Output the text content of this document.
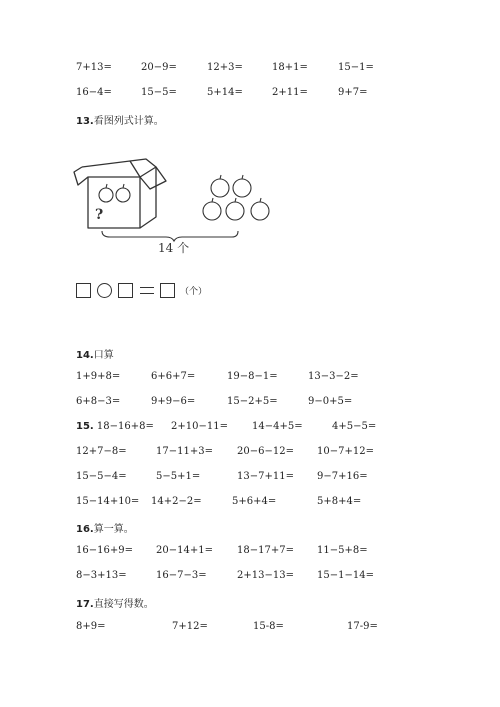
7+13=	20−9=	12+3=	18+1=	15−1=
16−4=	15−5=	5+14=	2+11=	9+7=
13.看图列式计算。
?
14 个

（个）
14.口算
1+9+8=	6+6+7=	19−8−1=	13−3−2=
6+8−3=	9+9−6=	15−2+5=	9−0+5=
15. 18−16+8= 2+10−11= 14−4+5=	4+5−5=
12+7−8=	17−11+3= 20−6−12= 10−7+12=
15−5−4=	5−5+1=	13−7+11= 9−7+16=
15−14+10= 14+2−2=	5+6+4=	5+8+4=
16.算一算。
16−16+9= 20−14+1= 18−17+7= 11−5+8=
8−3+13=	16−7−3=	2+13−13= 15−1−14=
17.直接写得数。
8+9=	7+12=	15-8=	17-9=
